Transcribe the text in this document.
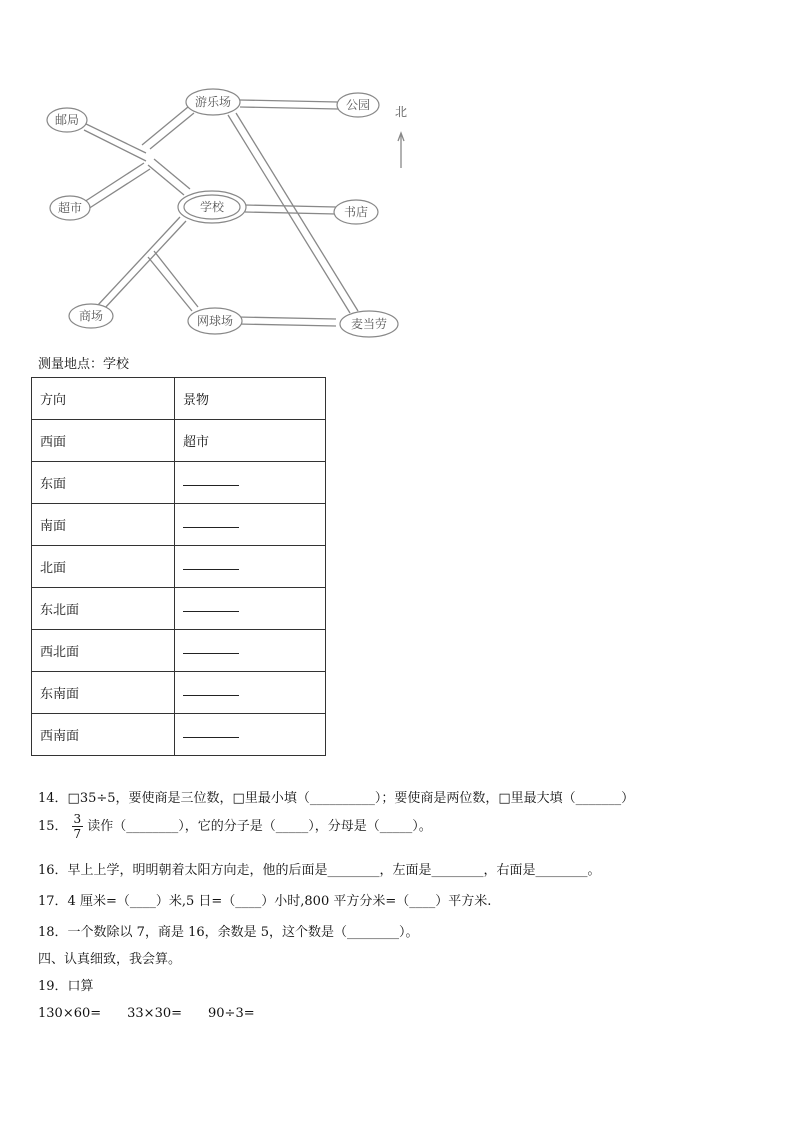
邮局
游乐场	公园
超市	学校	书店
商场	网球场	麦当劳
北
测量地点：学校
方向	景物
西面	超市
东面	
南面	
北面	
东北面	
西北面	
东南面	
西南面	
14．□35÷5，要使商是三位数，□里最小填（__________）；要使商是两位数，□里最大填（_______）
15． $\frac{3}{7}$ 读作（________），它的分子是（_____），分母是（_____）。
16．早上上学，明明朝着太阳方向走，他的后面是________，左面是________，右面是________。
17．4 厘米=（____）米,5 日=（____）小时,800 平方分米=（____）平方米.
18．一个数除以 7，商是 16，余数是 5，这个数是（________）。
四、认真细致，我会算。
19．口算
130×60= 33×30= 90÷3=
